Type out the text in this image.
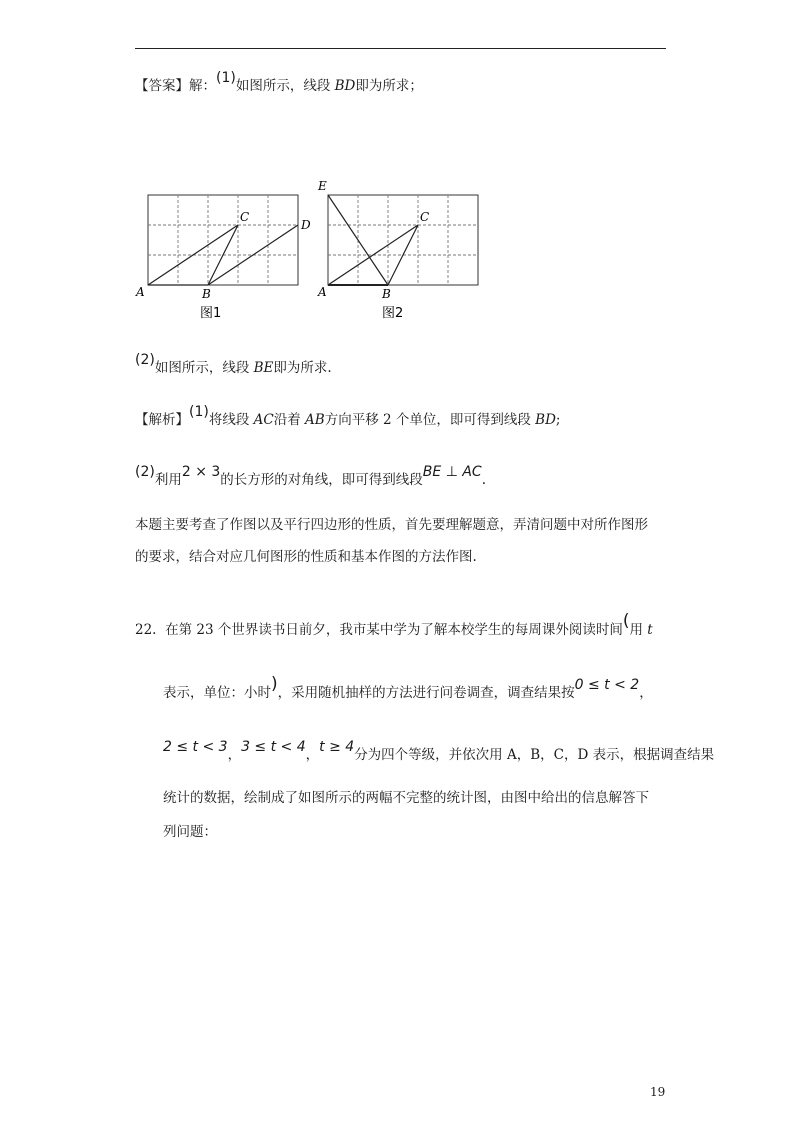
【答案】解：(1)如图所示，线段 BD即为所求；
A	B
C
D
图1
A	B
C
E
图2
(2)如图所示，线段 BE即为所求.
【解析】(1)将线段 AC沿着 AB方向平移 2 个单位，即可得到线段 BD;
(2)利用2 × 3的长方形的对角线，即可得到线段BE ⊥ AC.
本题主要考查了作图以及平行四边形的性质，首先要理解题意，弄清问题中对所作图形
的要求，结合对应几何图形的性质和基本作图的方法作图.
22. 在第 23 个世界读书日前夕，我市某中学为了解本校学生的每周课外阅读时间(用 t
表示，单位：小时)，采用随机抽样的方法进行问卷调查，调查结果按0 ≤ t < 2，
2 ≤ t < 3，3 ≤ t < 4，t ≥ 4分为四个等级，并依次用 A，B，C，D 表示，根据调查结果
统计的数据，绘制成了如图所示的两幅不完整的统计图，由图中给出的信息解答下
列问题：
19
